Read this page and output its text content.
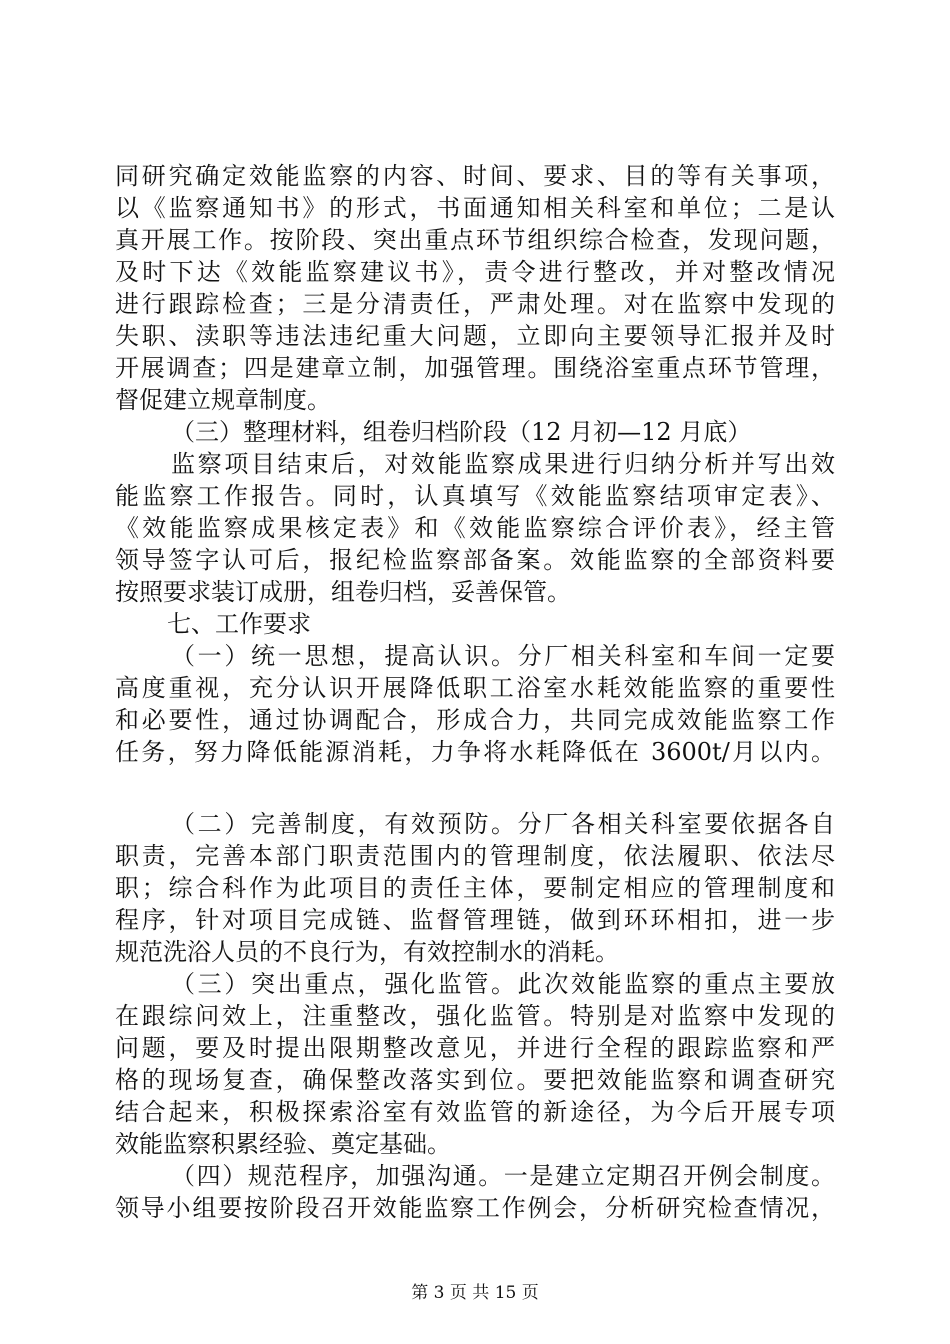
同研究确定效能监察的内容、时间、要求、目的等有关事项，
以《监察通知书》的形式，书面通知相关科室和单位；二是认
真开展工作。按阶段、突出重点环节组织综合检查，发现问题，
及时下达《效能监察建议书》，责令进行整改，并对整改情况
进行跟踪检查；三是分清责任，严肃处理。对在监察中发现的
失职、渎职等违法违纪重大问题，立即向主要领导汇报并及时
开展调查；四是建章立制，加强管理。围绕浴室重点环节管理，
督促建立规章制度。
（三）整理材料，组卷归档阶段（12 月初—12 月底）
监察项目结束后，对效能监察成果进行归纳分析并写出效
能监察工作报告。同时，认真填写《效能监察结项审定表》、
《效能监察成果核定表》和《效能监察综合评价表》，经主管
领导签字认可后，报纪检监察部备案。效能监察的全部资料要
按照要求装订成册，组卷归档，妥善保管。
七、工作要求
（一）统一思想，提高认识。分厂相关科室和车间一定要
高度重视，充分认识开展降低职工浴室水耗效能监察的重要性
和必要性，通过协调配合，形成合力，共同完成效能监察工作
任务，努力降低能源消耗，力争将水耗降低在 3600t/月以内。
（二）完善制度，有效预防。分厂各相关科室要依据各自
职责，完善本部门职责范围内的管理制度，依法履职、依法尽
职；综合科作为此项目的责任主体，要制定相应的管理制度和
程序，针对项目完成链、监督管理链，做到环环相扣，进一步
规范洗浴人员的不良行为，有效控制水的消耗。
（三）突出重点，强化监管。此次效能监察的重点主要放
在跟综问效上，注重整改，强化监管。特别是对监察中发现的
问题，要及时提出限期整改意见，并进行全程的跟踪监察和严
格的现场复查，确保整改落实到位。要把效能监察和调查研究
结合起来，积极探索浴室有效监管的新途径，为今后开展专项
效能监察积累经验、奠定基础。
（四）规范程序，加强沟通。一是建立定期召开例会制度。
领导小组要按阶段召开效能监察工作例会，分析研究检查情况，
第 3 页 共 15 页
